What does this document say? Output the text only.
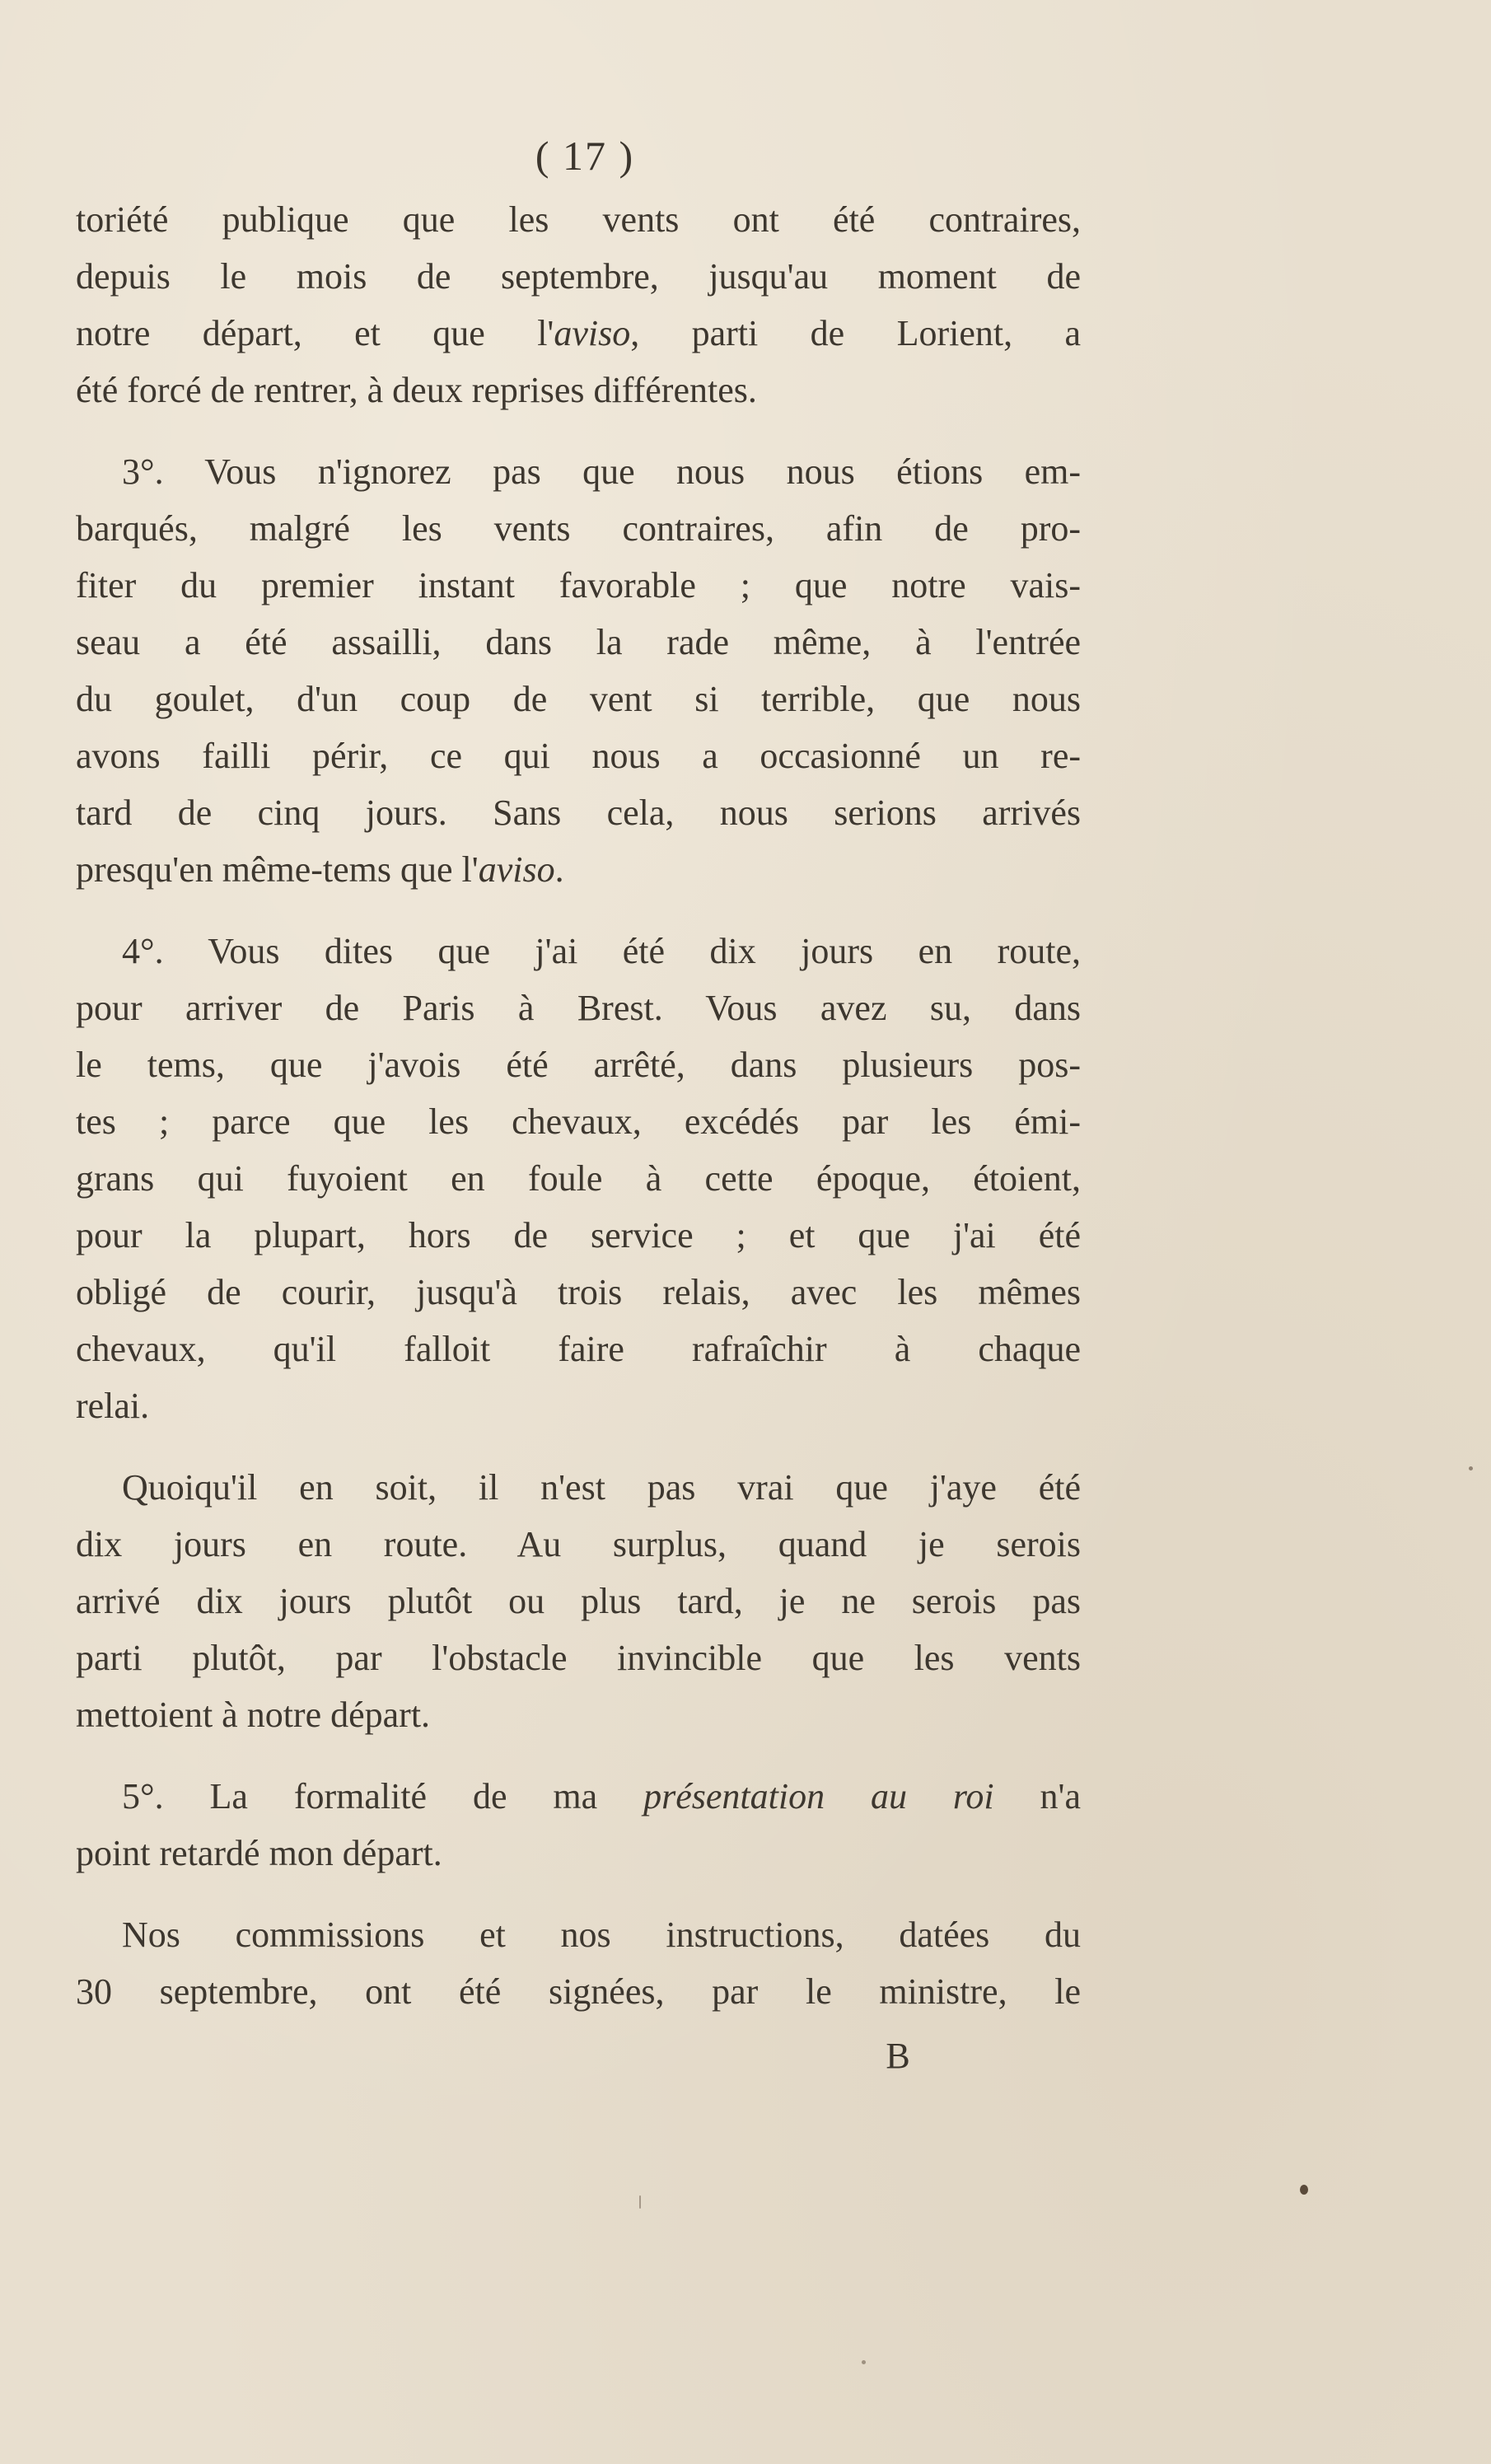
( 17 )

toriété publique que les vents ont été contraires,
depuis le mois de septembre, jusqu'au moment de
notre départ, et que l'aviso, parti de Lorient, a
été forcé de rentrer, à deux reprises différentes.

3°. Vous n'ignorez pas que nous nous étions em-
barqués, malgré les vents contraires, afin de pro-
fiter du premier instant favorable ; que notre vais-
seau a été assailli, dans la rade même, à l'entrée
du goulet, d'un coup de vent si terrible, que nous
avons failli périr, ce qui nous a occasionné un re-
tard de cinq jours. Sans cela, nous serions arrivés
presqu'en même-tems que l'aviso.

4°. Vous dites que j'ai été dix jours en route,
pour arriver de Paris à Brest. Vous avez su, dans
le tems, que j'avois été arrêté, dans plusieurs pos-
tes ; parce que les chevaux, excédés par les émi-
grans qui fuyoient en foule à cette époque, étoient,
pour la plupart, hors de service ; et que j'ai été
obligé de courir, jusqu'à trois relais, avec les mêmes
chevaux, qu'il falloit faire rafraîchir à chaque
relai.

Quoiqu'il en soit, il n'est pas vrai que j'aye été
dix jours en route. Au surplus, quand je serois
arrivé dix jours plutôt ou plus tard, je ne serois pas
parti plutôt, par l'obstacle invincible que les vents
mettoient à notre départ.

5°. La formalité de ma présentation au roi n'a
point retardé mon départ.

Nos commissions et nos instructions, datées du
30 septembre, ont été signées, par le ministre, le

B
